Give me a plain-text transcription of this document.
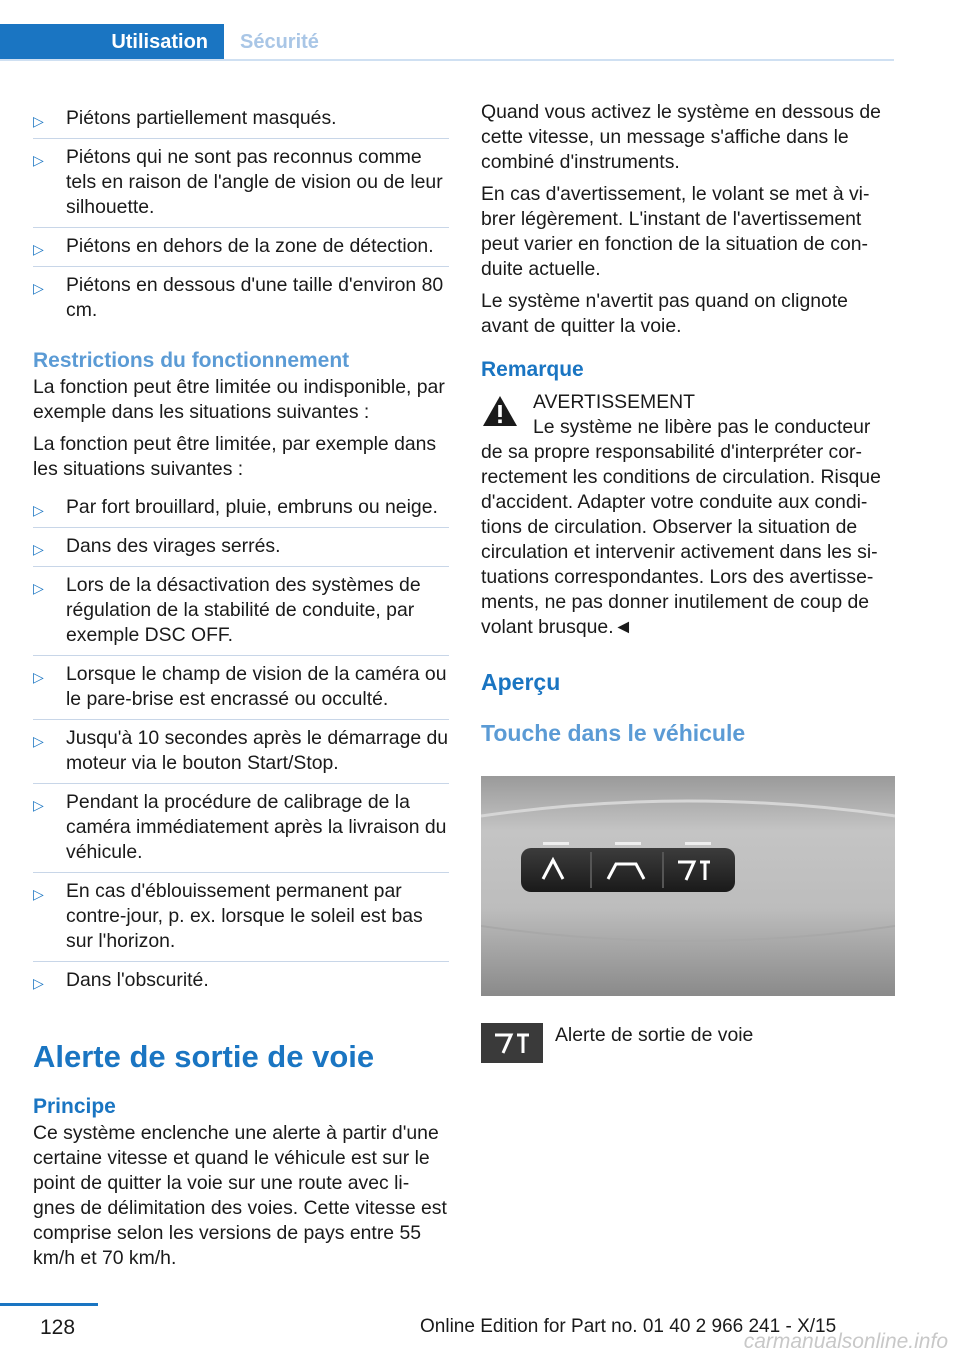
Utilisation	Sécurité
▷ Piétons partiellement masqués.
▷ Piétons qui ne sont pas reconnus comme tels en raison de l'angle de vision ou de leur silhouette.
▷ Piétons en dehors de la zone de détection.
▷ Piétons en dessous d'une taille d'environ 80 cm.
Restrictions du fonctionnement

La fonction peut être limitée ou indisponible, par exemple dans les situations suivantes :

La fonction peut être limitée, par exemple dans les situations suivantes :

▷ Par fort brouillard, pluie, embruns ou neige.
▷ Dans des virages serrés.
▷ Lors de la désactivation des systèmes de régulation de la stabilité de conduite, par exemple DSC OFF.
▷ Lorsque le champ de vision de la caméra ou le pare-brise est encrassé ou occulté.
▷ Jusqu'à 10 secondes après le démarrage du moteur via le bouton Start/Stop.
▷ Pendant la procédure de calibrage de la caméra immédiatement après la livraison du véhicule.
▷ En cas d'éblouissement permanent par contre-jour, p. ex. lorsque le soleil est bas sur l'horizon.
▷ Dans l'obscurité.
Alerte de sortie de voie
Principe

Ce système enclenche une alerte à partir d'une certaine vitesse et quand le véhicule est sur le point de quitter la voie sur une route avec li-gnes de délimitation des voies. Cette vitesse est comprise selon les versions de pays entre 55 km/h et 70 km/h.

Quand vous activez le système en dessous de cette vitesse, un message s'affiche dans le combiné d'instruments.

En cas d'avertissement, le volant se met à vi-brer légèrement. L'instant de l'avertissement peut varier en fonction de la situation de con-duite actuelle.

Le système n'avertit pas quand on clignote avant de quitter la voie.

Remarque
AVERTISSEMENT
Le système ne libère pas le conducteur
de sa propre responsabilité d'interpréter cor-rectement les conditions de circulation. Risque d'accident. Adapter votre conduite aux condi-tions de circulation. Observer la situation de circulation et intervenir activement dans les si-tuations correspondantes. Lors des avertisse-ments, ne pas donner inutilement de coup de volant brusque.◄
Aperçu
Touche dans le véhicule
Alerte de sortie de voie
128	Online Edition for Part no. 01 40 2 966 241 - X/15
carmanualsonline.info
